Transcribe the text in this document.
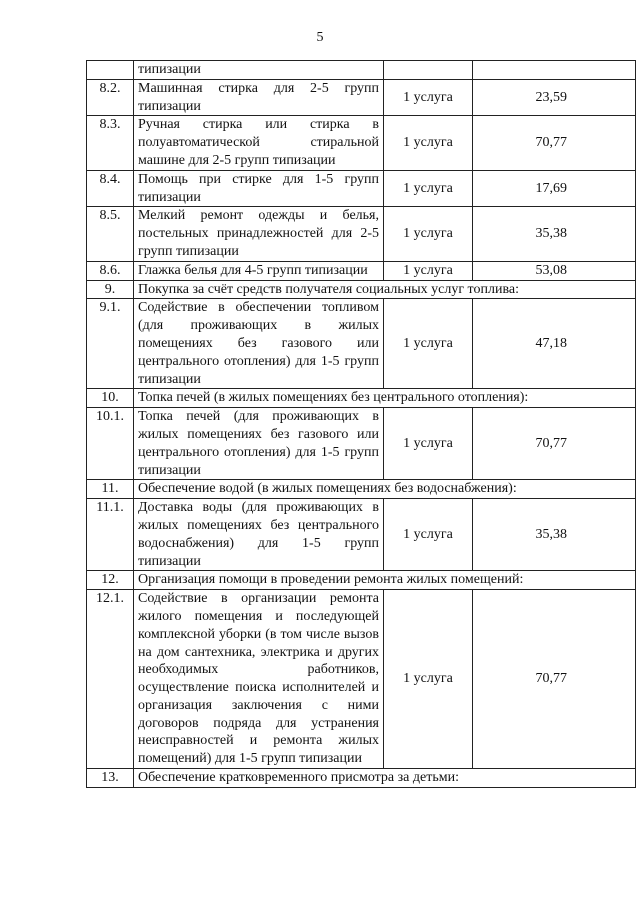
5
	типизации		
8.2.	Машинная стирка для 2-5 групп типизации	1 услуга	23,59
8.3.	Ручная стирка или стирка в полуавтоматической стиральной машине для 2-5 групп типизации	1 услуга	70,77
8.4.	Помощь при стирке для 1-5 групп типизации	1 услуга	17,69
8.5.	Мелкий ремонт одежды и белья, постельных принадлежностей для 2-5 групп типизации	1 услуга	35,38
8.6.	Глажка белья для 4-5 групп типизации	1 услуга	53,08
9.	Покупка за счёт средств получателя социальных услуг топлива:		
9.1.	Содействие в обеспечении топливом (для проживающих в жилых помещениях без газового или центрального отопления) для 1-5 групп типизации	1 услуга	47,18
10.	Топка печей (в жилых помещениях без центрального отопления):		
10.1.	Топка печей (для проживающих в жилых помещениях без газового или центрального отопления) для 1-5 групп типизации	1 услуга	70,77
11.	Обеспечение водой (в жилых помещениях без водоснабжения):		
11.1.	Доставка воды (для проживающих в жилых помещениях без центрального водоснабжения) для 1-5 групп типизации	1 услуга	35,38
12.	Организация помощи в проведении ремонта жилых помещений:		
12.1.	Содействие в организации ремонта жилого помещения и последующей комплексной уборки (в том числе вызов на дом сантехника, электрика и других необходимых работников, осуществление поиска исполнителей и организация заключения с ними договоров подряда для устранения неисправностей и ремонта жилых помещений) для 1-5 групп типизации	1 услуга	70,77
13.	Обеспечение кратковременного присмотра за детьми:		
